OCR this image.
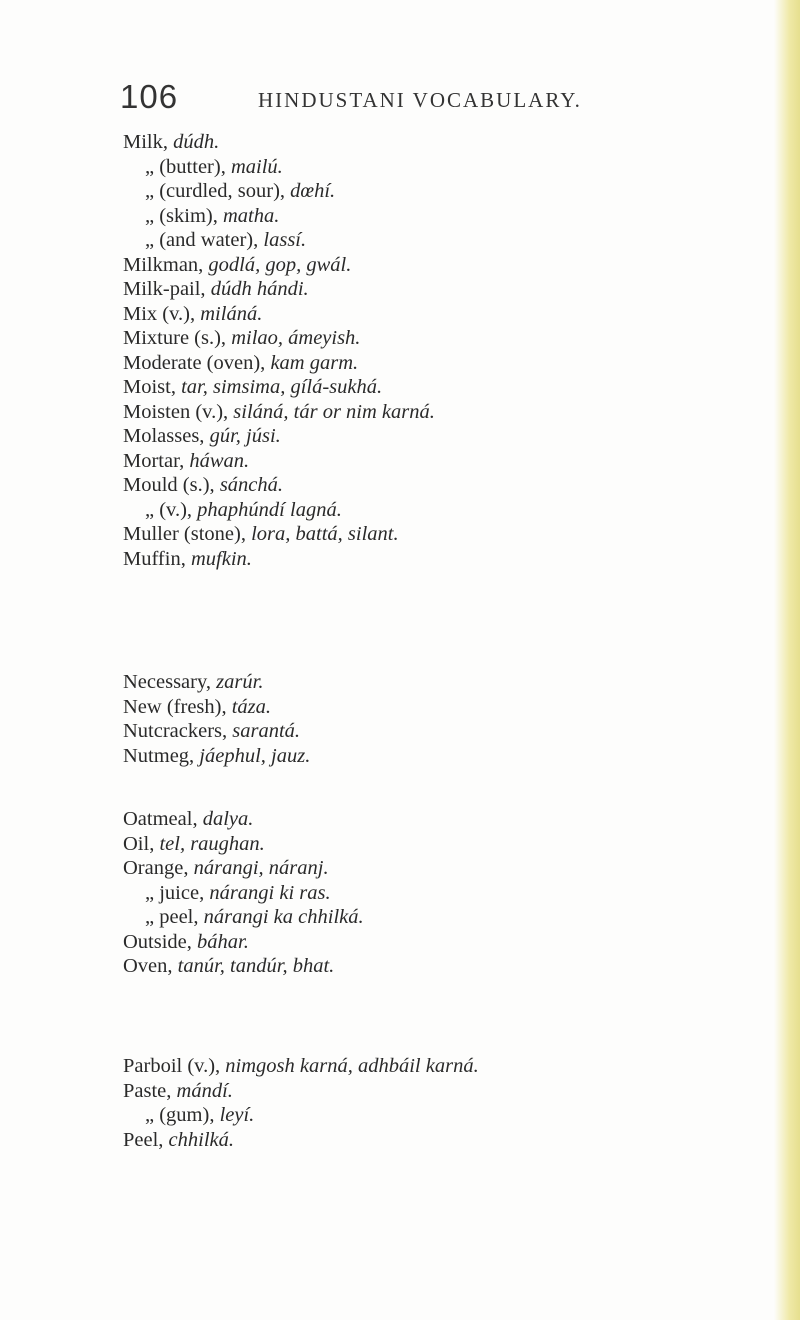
106	HINDUSTANI VOCABULARY.
Milk, dúdh.
„ (butter), mailú.
„ (curdled, sour), dœhí.
„ (skim), matha.
„ (and water), lassí.
Milkman, godlá, gop, gwál.
Milk-pail, dúdh hándi.
Mix (v.), miláná.
Mixture (s.), milao, ámeyish.
Moderate (oven), kam garm.
Moist, tar, simsima, gílá-sukhá.
Moisten (v.), siláná, tár or nim karná.
Molasses, gúr, júsi.
Mortar, háwan.
Mould (s.), sánchá.
„ (v.), phaphúndí lagná.
Muller (stone), lora, battá, silant.
Muffin, mufkin.
Necessary, zarúr.
New (fresh), táza.
Nutcrackers, sarantá.
Nutmeg, jáephul, jauz.
Oatmeal, dalya.
Oil, tel, raughan.
Orange, nárangi, náranj.
„ juice, nárangi ki ras.
„ peel, nárangi ka chhilká.
Outside, báhar.
Oven, tanúr, tandúr, bhat.
Parboil (v.), nimgosh karná, adhbáil karná.
Paste, mándí.
„ (gum), leyí.
Peel, chhilká.
